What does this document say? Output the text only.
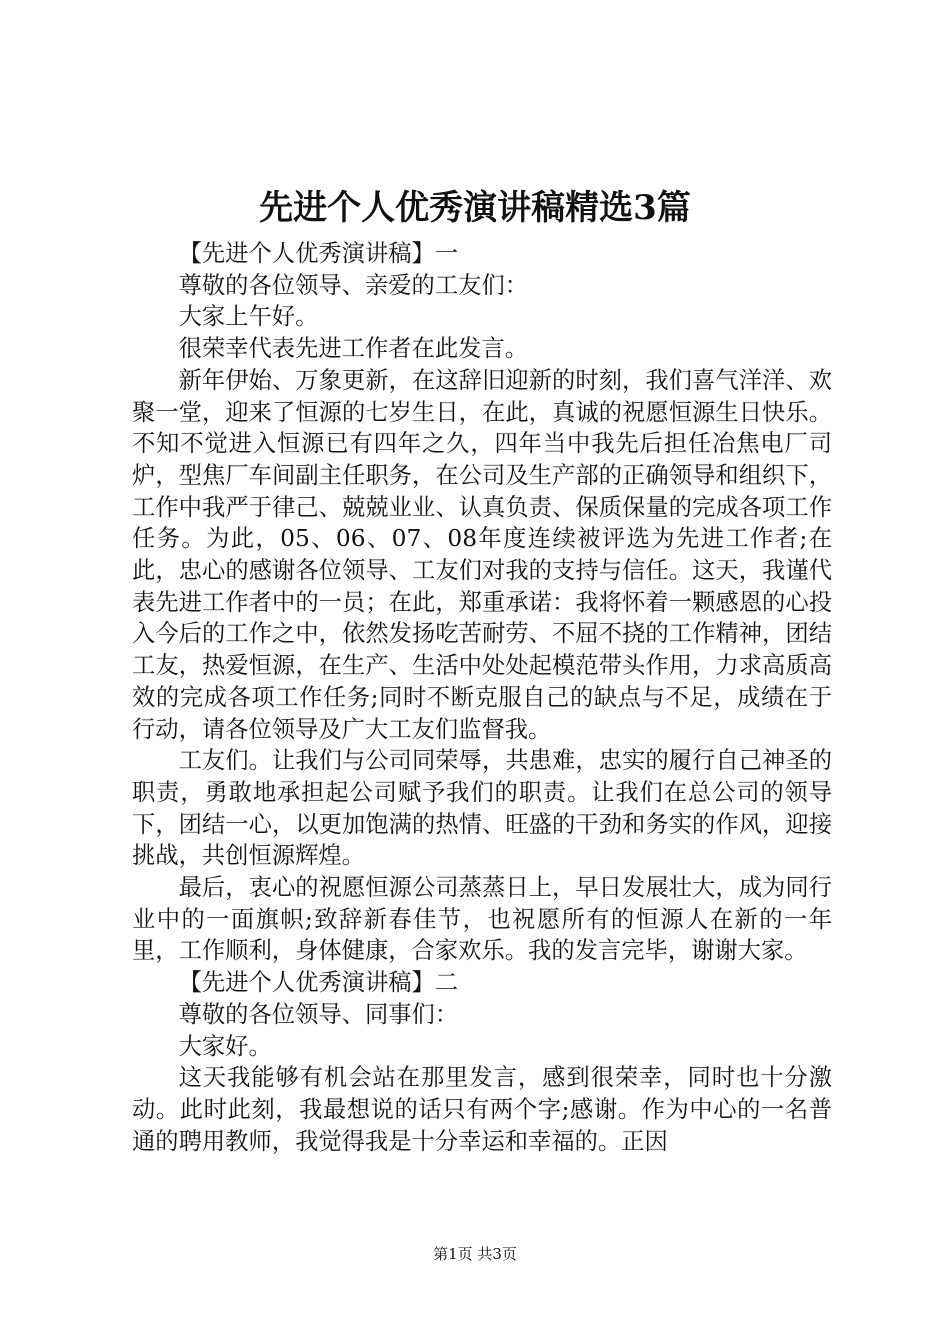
先进个人优秀演讲稿精选3篇

【先进个人优秀演讲稿】一

尊敬的各位领导、亲爱的工友们：

大家上午好。

很荣幸代表先进工作者在此发言。

新年伊始、万象更新，在这辞旧迎新的时刻，我们喜气洋洋、欢聚一堂，迎来了恒源的七岁生日，在此，真诚的祝愿恒源生日快乐。不知不觉进入恒源已有四年之久，四年当中我先后担任冶焦电厂司炉，型焦厂车间副主任职务，在公司及生产部的正确领导和组织下，工作中我严于律己、兢兢业业、认真负责、保质保量的完成各项工作任务。为此，05、06、07、08年度连续被评选为先进工作者;在此，忠心的感谢各位领导、工友们对我的支持与信任。这天，我谨代表先进工作者中的一员；在此，郑重承诺：我将怀着一颗感恩的心投入今后的工作之中，依然发扬吃苦耐劳、不屈不挠的工作精神，团结工友，热爱恒源，在生产、生活中处处起模范带头作用，力求高质高效的完成各项工作任务;同时不断克服自己的缺点与不足，成绩在于行动，请各位领导及广大工友们监督我。

工友们。让我们与公司同荣辱，共患难，忠实的履行自己神圣的职责，勇敢地承担起公司赋予我们的职责。让我们在总公司的领导下，团结一心，以更加饱满的热情、旺盛的干劲和务实的作风，迎接挑战，共创恒源辉煌。

最后，衷心的祝愿恒源公司蒸蒸日上，早日发展壮大，成为同行业中的一面旗帜;致辞新春佳节，也祝愿所有的恒源人在新的一年里，工作顺利，身体健康，合家欢乐。我的发言完毕，谢谢大家。

【先进个人优秀演讲稿】二

尊敬的各位领导、同事们：

大家好。

这天我能够有机会站在那里发言，感到很荣幸，同时也十分激动。此时此刻，我最想说的话只有两个字;感谢。作为中心的一名普通的聘用教师，我觉得我是十分幸运和幸福的。正因

第1页 共3页
